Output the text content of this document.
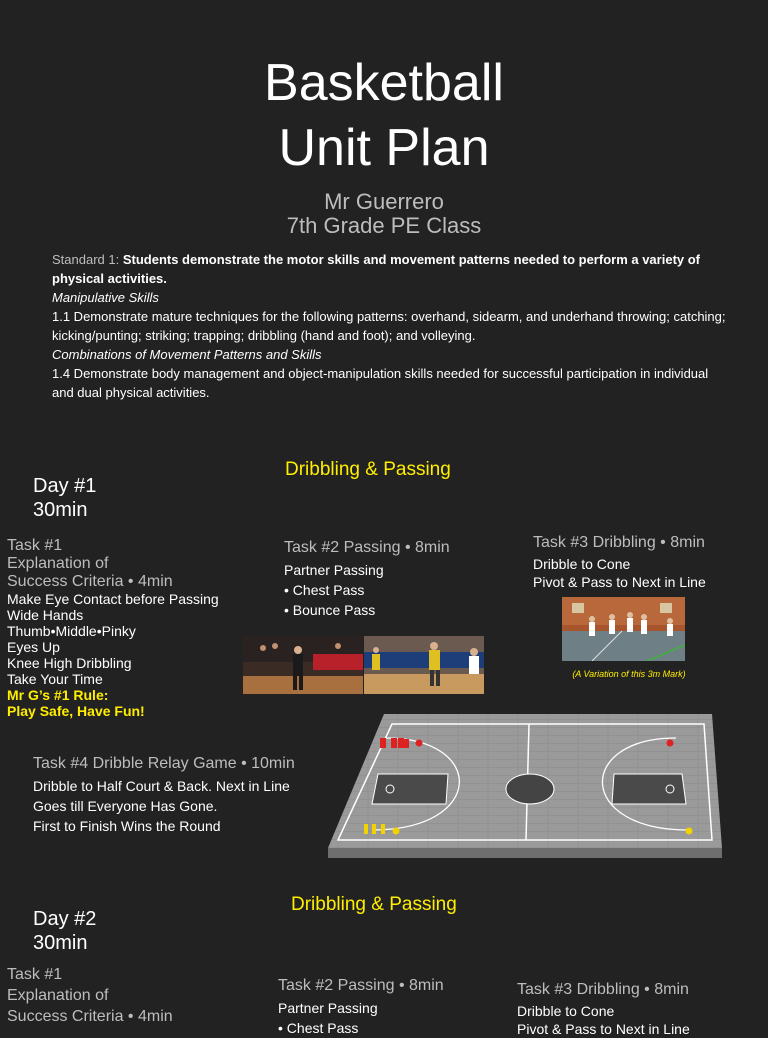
Basketball
Unit Plan
Mr Guerrero
7th Grade PE Class

Standard 1: Students demonstrate the motor skills and movement patterns needed to perform a variety of physical activities.

Manipulative Skills

1.1 Demonstrate mature techniques for the following patterns: overhand, sidearm, and underhand throwing; catching; kicking/punting; striking; trapping; dribbling (hand and foot); and volleying.

Combinations of Movement Patterns and Skills

1.4 Demonstrate body management and object-manipulation skills needed for successful participation in individual and dual physical activities.

Dribbling & Passing
Day #1
30min
Task #1
Explanation of
Success Criteria • 4min
Make Eye Contact before Passing
Wide Hands
Thumb•Middle•Pinky
Eyes Up
Knee High Dribbling
Take Your Time
Mr G’s #1 Rule:
Play Safe, Have Fun!
Task #2 Passing • 8min
Partner Passing
• Chest Pass
• Bounce Pass
Task #3 Dribbling • 8min
Dribble to Cone
Pivot & Pass to Next in Line
(A Variation of this 3m Mark)
Task #4 Dribble Relay Game • 10min
Dribble to Half Court & Back. Next in Line
Goes till Everyone Has Gone.
First to Finish Wins the Round
Dribbling & Passing
Day #2
30min
Task #1
Explanation of
Success Criteria • 4min
Task #2 Passing • 8min
Partner Passing
• Chest Pass
Task #3 Dribbling • 8min
Dribble to Cone
Pivot & Pass to Next in Line
